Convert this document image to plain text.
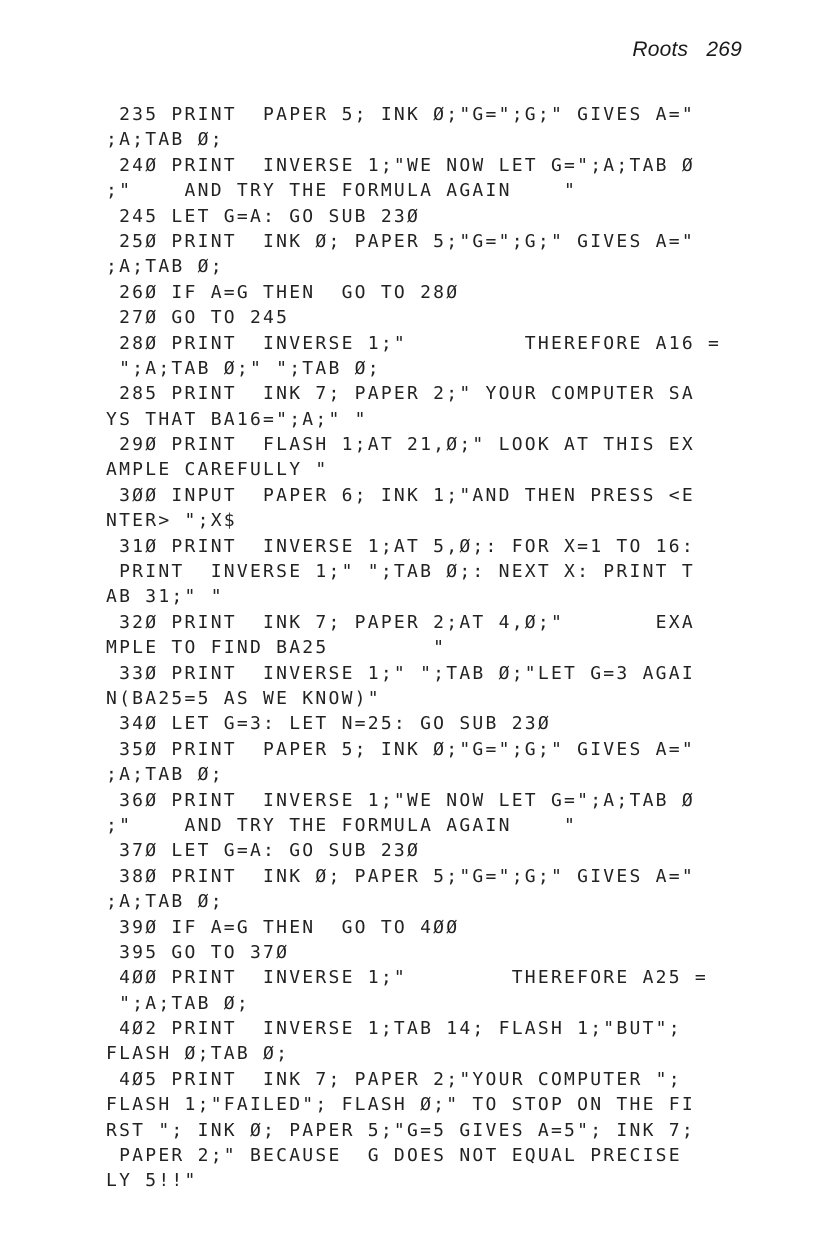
Roots 269
235 PRINT  PAPER 5; INK Ø;"G=";G;" GIVES A="
;A;TAB Ø;
24Ø PRINT  INVERSE 1;"WE NOW LET G=";A;TAB Ø
;"    AND TRY THE FORMULA AGAIN    "
245 LET G=A: GO SUB 23Ø
25Ø PRINT  INK Ø; PAPER 5;"G=";G;" GIVES A="
;A;TAB Ø;
26Ø IF A=G THEN  GO TO 28Ø
27Ø GO TO 245
28Ø PRINT  INVERSE 1;"         THEREFORE A16 =
";A;TAB Ø;" ";TAB Ø;
285 PRINT  INK 7; PAPER 2;" YOUR COMPUTER SA
YS THAT BA16=";A;" "
29Ø PRINT  FLASH 1;AT 21,Ø;" LOOK AT THIS EX
AMPLE CAREFULLY "
3ØØ INPUT  PAPER 6; INK 1;"AND THEN PRESS <E
NTER> ";X$
31Ø PRINT  INVERSE 1;AT 5,Ø;: FOR X=1 TO 16:
PRINT  INVERSE 1;" ";TAB Ø;: NEXT X: PRINT T
AB 31;" "
32Ø PRINT  INK 7; PAPER 2;AT 4,Ø;"       EXA
MPLE TO FIND BA25        "
33Ø PRINT  INVERSE 1;" ";TAB Ø;"LET G=3 AGAI
N(BA25=5 AS WE KNOW)"
34Ø LET G=3: LET N=25: GO SUB 23Ø
35Ø PRINT  PAPER 5; INK Ø;"G=";G;" GIVES A="
;A;TAB Ø;
36Ø PRINT  INVERSE 1;"WE NOW LET G=";A;TAB Ø
;"    AND TRY THE FORMULA AGAIN    "
37Ø LET G=A: GO SUB 23Ø
38Ø PRINT  INK Ø; PAPER 5;"G=";G;" GIVES A="
;A;TAB Ø;
39Ø IF A=G THEN  GO TO 4ØØ
395 GO TO 37Ø
4ØØ PRINT  INVERSE 1;"        THEREFORE A25 =
";A;TAB Ø;
4Ø2 PRINT  INVERSE 1;TAB 14; FLASH 1;"BUT";
FLASH Ø;TAB Ø;
4Ø5 PRINT  INK 7; PAPER 2;"YOUR COMPUTER ";
FLASH 1;"FAILED"; FLASH Ø;" TO STOP ON THE FI
RST "; INK Ø; PAPER 5;"G=5 GIVES A=5"; INK 7;
PAPER 2;" BECAUSE  G DOES NOT EQUAL PRECISE
LY 5!!"
